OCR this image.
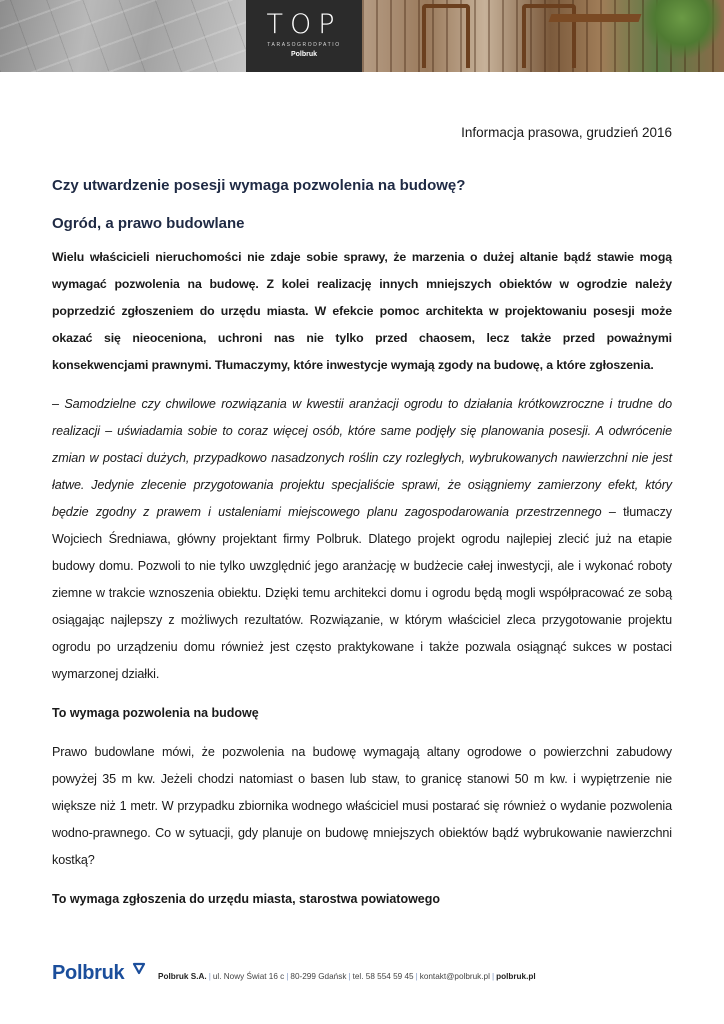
TOP
TARASOGRODPATIO
Polbruk

Informacja prasowa, grudzień 2016

Czy utwardzenie posesji wymaga pozwolenia na budowę?
Ogród, a prawo budowlane

Wielu właścicieli nieruchomości nie zdaje sobie sprawy, że marzenia o dużej altanie bądź stawie mogą wymagać pozwolenia na budowę. Z kolei realizację innych mniejszych obiektów w ogrodzie należy poprzedzić zgłoszeniem do urzędu miasta. W efekcie pomoc architekta w projektowaniu posesji może okazać się nieoceniona, uchroni nas nie tylko przed chaosem, lecz także przed poważnymi konsekwencjami prawnymi. Tłumaczymy, które inwestycje wymają zgody na budowę, a które zgłoszenia.

– Samodzielne czy chwilowe rozwiązania w kwestii aranżacji ogrodu to działania krótkowzroczne i trudne do realizacji – uświadamia sobie to coraz więcej osób, które same podjęły się planowania posesji. A odwrócenie zmian w postaci dużych, przypadkowo nasadzonych roślin czy rozległych, wybrukowanych nawierzchni nie jest łatwe. Jedynie zlecenie przygotowania projektu specjaliście sprawi, że osiągniemy zamierzony efekt, który będzie zgodny z prawem i ustaleniami miejscowego planu zagospodarowania przestrzennego – tłumaczy Wojciech Średniawa, główny projektant firmy Polbruk. Dlatego projekt ogrodu najlepiej zlecić już na etapie budowy domu. Pozwoli to nie tylko uwzględnić jego aranżację w budżecie całej inwestycji, ale i wykonać roboty ziemne w trakcie wznoszenia obiektu. Dzięki temu architekci domu i ogrodu będą mogli współpracować ze sobą osiągając najlepszy z możliwych rezultatów. Rozwiązanie, w którym właściciel zleca przygotowanie projektu ogrodu po urządzeniu domu również jest często praktykowane i także pozwala osiągnąć sukces w postaci wymarzonej działki.

To wymaga pozwolenia na budowę

Prawo budowlane mówi, że pozwolenia na budowę wymagają altany ogrodowe o powierzchni zabudowy powyżej 35 m kw. Jeżeli chodzi natomiast o basen lub staw, to granicę stanowi 50 m kw. i wypiętrzenie nie większe niż 1 metr. W przypadku zbiornika wodnego właściciel musi postarać się również o wydanie pozwolenia wodno-prawnego. Co w sytuacji, gdy planuje on budowę mniejszych obiektów bądź wybrukowanie nawierzchni kostką?

To wymaga zgłoszenia do urzędu miasta, starostwa powiatowego
Polbruk	Polbruk S.A. | ul. Nowy Świat 16 c | 80-299 Gdańsk | tel. 58 554 59 45 | kontakt@polbruk.pl | polbruk.pl
